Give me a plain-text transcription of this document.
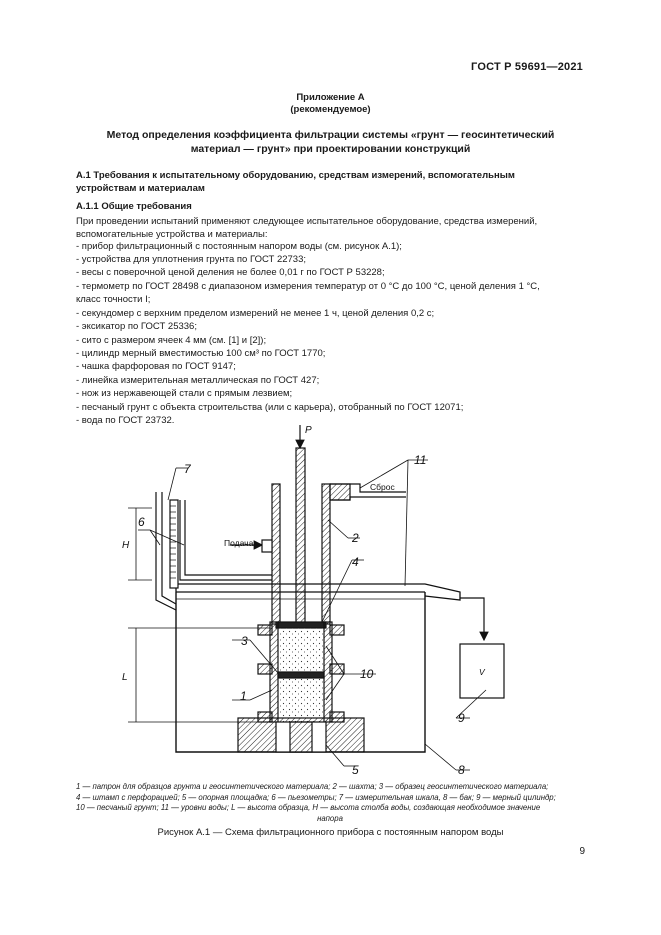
ГОСТ Р 59691—2021
Приложение А
(рекомендуемое)
Метод определения коэффициента фильтрации системы «грунт — геосинтетический
материал — грунт» при проектировании конструкций
А.1 Требования к испытательному оборудованию, средствам измерений, вспомогательным
устройствам и материалам
А.1.1 Общие требования
При проведении испытаний применяют следующее испытательное оборудование, средства измерений,
вспомогательные устройства и материалы:
- прибор фильтрационный с постоянным напором воды (см. рисунок А.1);
- устройства для уплотнения грунта по ГОСТ 22733;
- весы с поверочной ценой деления не более 0,01 г по ГОСТ Р 53228;
- термометр по ГОСТ 28498 с диапазоном измерения температур от 0 °С до 100 °С, ценой деления 1 °С,
класс точности I;
- секундомер с верхним пределом измерений не менее 1 ч, ценой деления 0,2 с;
- эксикатор по ГОСТ 25336;
- сито с размером ячеек 4 мм (см. [1] и [2]);
- цилиндр мерный вместимостью 100 см³ по ГОСТ 1770;
- чашка фарфоровая по ГОСТ 9147;
- линейка измерительная металлическая по ГОСТ 427;
- нож из нержавеющей стали с прямым лезвием;
- песчаный грунт с объекта строительства (или с карьера), отобранный по ГОСТ 12071;
- вода по ГОСТ 23732.
P
Сброс
Подача
H
L	V
1
2
3
4
5
6
7
8
9
10
11
1 — патрон для образцов грунта и геосинтетического материала; 2 — шахта; 3 — образец геосинтетического материала;
4 — штамп с перфорацией; 5 — опорная площадка; 6 — пьезометры; 7 — измерительная шкала, 8 — бак; 9 — мерный цилиндр;
10 — песчаный грунт; 11 — уровни воды; L — высота образца, H — высота столба воды, создающая необходимое значение
напора
Рисунок А.1 — Схема фильтрационного прибора с постоянным напором воды
9
